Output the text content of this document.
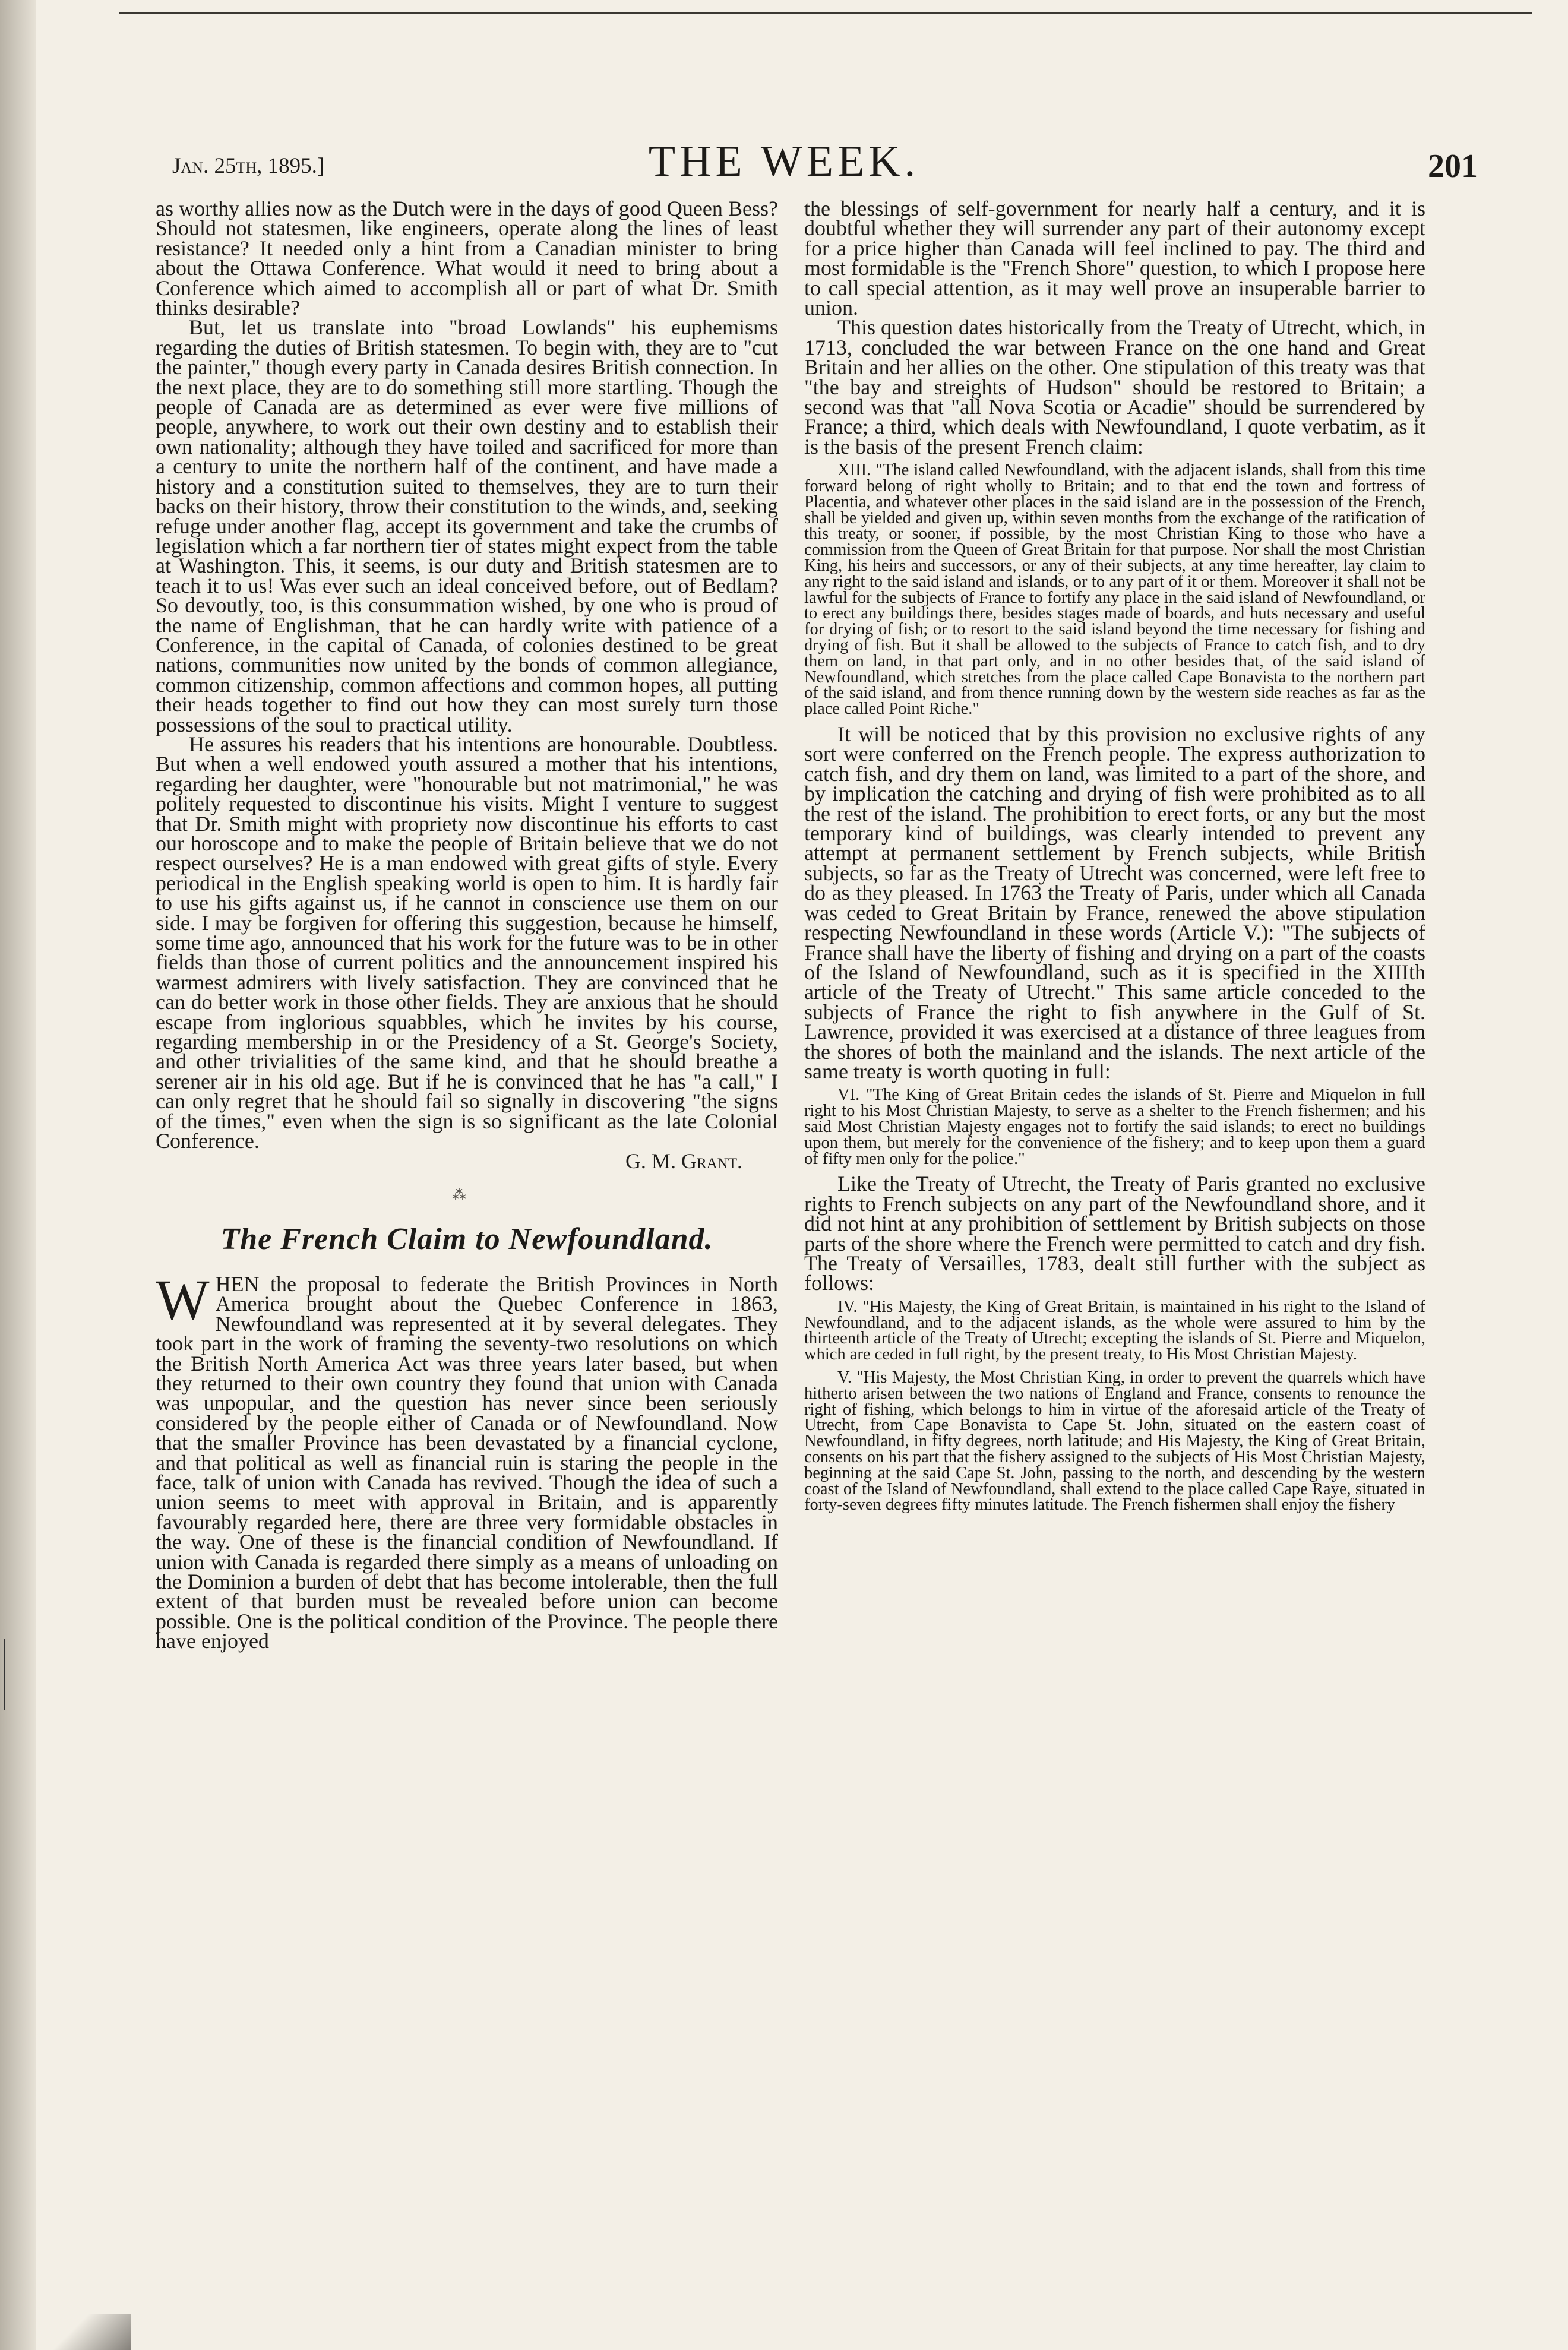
THE WEEK.
Jan. 25th, 1895.]	201

as worthy allies now as the Dutch were in the days of good Queen Bess? Should not statesmen, like engineers, operate along the lines of least resistance? It needed only a hint from a Canadian minister to bring about the Ottawa Conference. What would it need to bring about a Conference which aimed to accomplish all or part of what Dr. Smith thinks desirable?

But, let us translate into "broad Lowlands" his euphemisms regarding the duties of British statesmen. To begin with, they are to "cut the painter," though every party in Canada desires British connection. In the next place, they are to do something still more startling. Though the people of Canada are as determined as ever were five millions of people, anywhere, to work out their own destiny and to establish their own nationality; although they have toiled and sacrificed for more than a century to unite the northern half of the continent, and have made a history and a constitution suited to themselves, they are to turn their backs on their history, throw their constitution to the winds, and, seeking refuge under another flag, accept its government and take the crumbs of legislation which a far northern tier of states might expect from the table at Washington. This, it seems, is our duty and British statesmen are to teach it to us! Was ever such an ideal conceived before, out of Bedlam? So devoutly, too, is this consummation wished, by one who is proud of the name of Englishman, that he can hardly write with patience of a Conference, in the capital of Canada, of colonies destined to be great nations, communities now united by the bonds of common allegiance, common citizenship, common affections and common hopes, all putting their heads together to find out how they can most surely turn those possessions of the soul to practical utility.

He assures his readers that his intentions are honourable. Doubtless. But when a well endowed youth assured a mother that his intentions, regarding her daughter, were "honourable but not matrimonial," he was politely requested to discontinue his visits. Might I venture to suggest that Dr. Smith might with propriety now discontinue his efforts to cast our horoscope and to make the people of Britain believe that we do not respect ourselves? He is a man endowed with great gifts of style. Every periodical in the English speaking world is open to him. It is hardly fair to use his gifts against us, if he cannot in conscience use them on our side. I may be forgiven for offering this suggestion, because he himself, some time ago, announced that his work for the future was to be in other fields than those of current politics and the announcement inspired his warmest admirers with lively satisfaction. They are convinced that he can do better work in those other fields. They are anxious that he should escape from inglorious squabbles, which he invites by his course, regarding membership in or the Presidency of a St. George's Society, and other trivialities of the same kind, and that he should breathe a serener air in his old age. But if he is convinced that he has "a call," I can only regret that he should fail so signally in discovering "the signs of the times," even when the sign is so significant as the late Colonial Conference.

G. M. Grant.
⁂
The French Claim to Newfoundland.

WHEN the proposal to federate the British Provinces in North America brought about the Quebec Conference in 1863, Newfoundland was represented at it by several delegates. They took part in the work of framing the seventy-two resolutions on which the British North America Act was three years later based, but when they returned to their own country they found that union with Canada was unpopular, and the question has never since been seriously considered by the people either of Canada or of Newfoundland. Now that the smaller Province has been devastated by a financial cyclone, and that political as well as financial ruin is staring the people in the face, talk of union with Canada has revived. Though the idea of such a union seems to meet with approval in Britain, and is apparently favourably regarded here, there are three very formidable obstacles in the way. One of these is the financial condition of Newfoundland. If union with Canada is regarded there simply as a means of unloading on the Dominion a burden of debt that has become intolerable, then the full extent of that burden must be revealed before union can become possible. One is the political condition of the Province. The people there have enjoyed

the blessings of self-government for nearly half a century, and it is doubtful whether they will surrender any part of their autonomy except for a price higher than Canada will feel inclined to pay. The third and most formidable is the "French Shore" question, to which I propose here to call special attention, as it may well prove an insuperable barrier to union.

This question dates historically from the Treaty of Utrecht, which, in 1713, concluded the war between France on the one hand and Great Britain and her allies on the other. One stipulation of this treaty was that "the bay and streights of Hudson" should be restored to Britain; a second was that "all Nova Scotia or Acadie" should be surrendered by France; a third, which deals with Newfoundland, I quote verbatim, as it is the basis of the present French claim:

XIII. "The island called Newfoundland, with the adjacent islands, shall from this time forward belong of right wholly to Britain; and to that end the town and fortress of Placentia, and whatever other places in the said island are in the possession of the French, shall be yielded and given up, within seven months from the exchange of the ratification of this treaty, or sooner, if possible, by the most Christian King to those who have a commission from the Queen of Great Britain for that purpose. Nor shall the most Christian King, his heirs and successors, or any of their subjects, at any time hereafter, lay claim to any right to the said island and islands, or to any part of it or them. Moreover it shall not be lawful for the subjects of France to fortify any place in the said island of Newfoundland, or to erect any buildings there, besides stages made of boards, and huts necessary and useful for drying of fish; or to resort to the said island beyond the time necessary for fishing and drying of fish. But it shall be allowed to the subjects of France to catch fish, and to dry them on land, in that part only, and in no other besides that, of the said island of Newfoundland, which stretches from the place called Cape Bonavista to the northern part of the said island, and from thence running down by the western side reaches as far as the place called Point Riche."

It will be noticed that by this provision no exclusive rights of any sort were conferred on the French people. The express authorization to catch fish, and dry them on land, was limited to a part of the shore, and by implication the catching and drying of fish were prohibited as to all the rest of the island. The prohibition to erect forts, or any but the most temporary kind of buildings, was clearly intended to prevent any attempt at permanent settlement by French subjects, while British subjects, so far as the Treaty of Utrecht was concerned, were left free to do as they pleased. In 1763 the Treaty of Paris, under which all Canada was ceded to Great Britain by France, renewed the above stipulation respecting Newfoundland in these words (Article V.): "The subjects of France shall have the liberty of fishing and drying on a part of the coasts of the Island of Newfoundland, such as it is specified in the XIIIth article of the Treaty of Utrecht." This same article conceded to the subjects of France the right to fish anywhere in the Gulf of St. Lawrence, provided it was exercised at a distance of three leagues from the shores of both the mainland and the islands. The next article of the same treaty is worth quoting in full:

VI. "The King of Great Britain cedes the islands of St. Pierre and Miquelon in full right to his Most Christian Majesty, to serve as a shelter to the French fishermen; and his said Most Christian Majesty engages not to fortify the said islands; to erect no buildings upon them, but merely for the convenience of the fishery; and to keep upon them a guard of fifty men only for the police."

Like the Treaty of Utrecht, the Treaty of Paris granted no exclusive rights to French subjects on any part of the Newfoundland shore, and it did not hint at any prohibition of settlement by British subjects on those parts of the shore where the French were permitted to catch and dry fish. The Treaty of Versailles, 1783, dealt still further with the subject as follows:

IV. "His Majesty, the King of Great Britain, is maintained in his right to the Island of Newfoundland, and to the adjacent islands, as the whole were assured to him by the thirteenth article of the Treaty of Utrecht; excepting the islands of St. Pierre and Miquelon, which are ceded in full right, by the present treaty, to His Most Christian Majesty.

V. "His Majesty, the Most Christian King, in order to prevent the quarrels which have hitherto arisen between the two nations of England and France, consents to renounce the right of fishing, which belongs to him in virtue of the aforesaid article of the Treaty of Utrecht, from Cape Bonavista to Cape St. John, situated on the eastern coast of Newfoundland, in fifty degrees, north latitude; and His Majesty, the King of Great Britain, consents on his part that the fishery assigned to the subjects of His Most Christian Majesty, beginning at the said Cape St. John, passing to the north, and descending by the western coast of the Island of Newfoundland, shall extend to the place called Cape Raye, situated in forty-seven degrees fifty minutes latitude. The French fishermen shall enjoy the fishery
